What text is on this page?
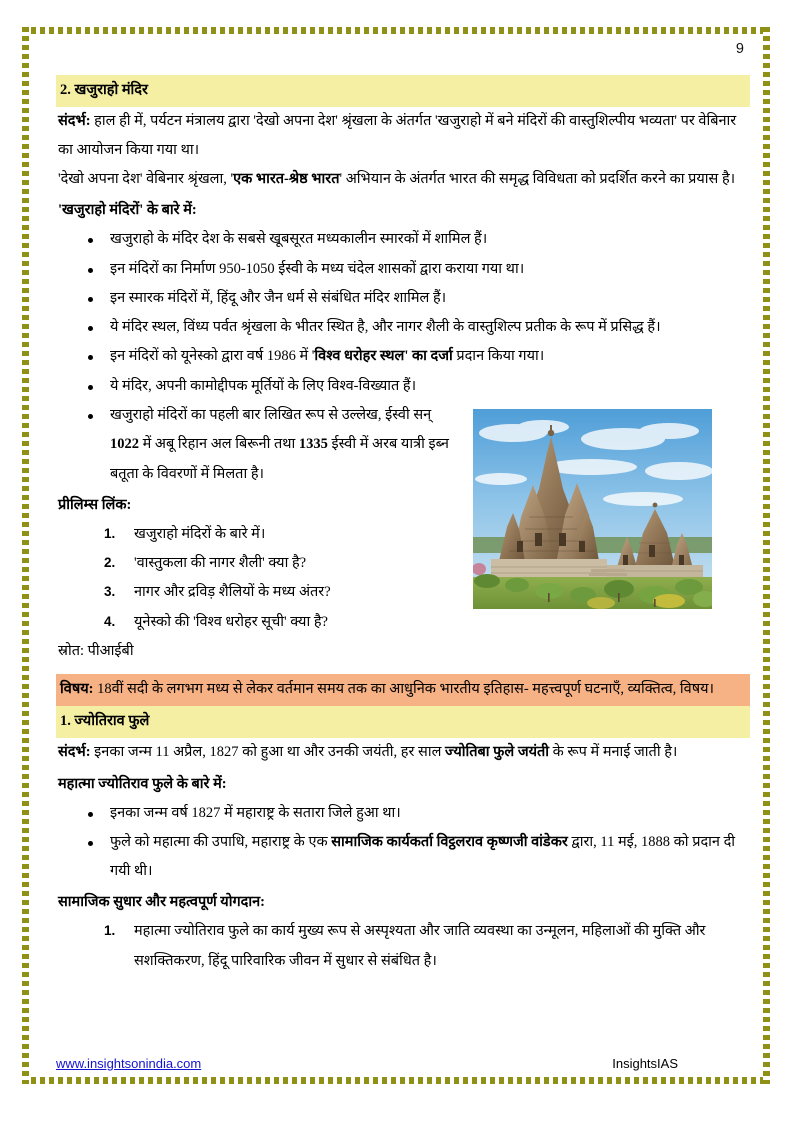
9
2. खजुराहो मंदिर

संदर्भ: हाल ही में, पर्यटन मंत्रालय द्वारा 'देखो अपना देश' श्रृंखला के अंतर्गत 'खजुराहो में बने मंदिरों की वास्तुशिल्पीय भव्यता' पर वेबिनार का आयोजन किया गया था।

'देखो अपना देश' वेबिनार श्रृंखला, 'एक भारत-श्रेष्ठ भारत' अभियान के अंतर्गत भारत की समृद्ध विविधता को प्रदर्शित करने का प्रयास है।

'खजुराहो मंदिरों' के बारे में:
खजुराहो के मंदिर देश के सबसे खूबसूरत मध्यकालीन स्मारकों में शामिल हैं।
इन मंदिरों का निर्माण 950-1050 ईस्वी के मध्य चंदेल शासकों द्वारा कराया गया था।
इन स्मारक मंदिरों में, हिंदू और जैन धर्म से संबंधित मंदिर शामिल हैं।
ये मंदिर स्थल, विंध्य पर्वत श्रृंखला के भीतर स्थित है, और नागर शैली के वास्तुशिल्प प्रतीक के रूप में प्रसिद्ध हैं।
इन मंदिरों को यूनेस्को द्वारा वर्ष 1986 में 'विश्व धरोहर स्थल' का दर्जा प्रदान किया गया।
ये मंदिर, अपनी कामोद्दीपक मूर्तियों के लिए विश्व-विख्यात हैं।
खजुराहो मंदिरों का पहली बार लिखित रूप से उल्लेख, ईस्वी सन् 1022 में अबू रिहान अल बिरूनी तथा 1335 ईस्वी में अरब यात्री इब्न बतूता के विवरणों में मिलता है।
प्रीलिम्स लिंक:
खजुराहो मंदिरों के बारे में।
'वास्तुकला की नागर शैली' क्या है?
नागर और द्रविड़ शैलियों के मध्य अंतर?
यूनेस्को की 'विश्व धरोहर सूची' क्या है?

स्रोत: पीआईबी

विषय: 18वीं सदी के लगभग मध्य से लेकर वर्तमान समय तक का आधुनिक भारतीय इतिहास- महत्त्वपूर्ण घटनाएँ, व्यक्तित्व, विषय।
1. ज्योतिराव फुले

संदर्भ: इनका जन्म 11 अप्रैल, 1827 को हुआ था और उनकी जयंती, हर साल ज्योतिबा फुले जयंती के रूप में मनाई जाती है।

महात्मा ज्योतिराव फुले के बारे में:
इनका जन्म वर्ष 1827 में महाराष्ट्र के सतारा जिले हुआ था।
फुले को महात्मा की उपाधि, महाराष्ट्र के एक सामाजिक कार्यकर्ता विट्ठलराव कृष्णजी वांडेकर द्वारा, 11 मई, 1888 को प्रदान दी गयी थी।
सामाजिक सुधार और महत्वपूर्ण योगदान:
महात्मा ज्योतिराव फुले का कार्य मुख्य रूप से अस्पृश्यता और जाति व्यवस्था का उन्मूलन, महिलाओं की मुक्ति और सशक्तिकरण, हिंदू पारिवारिक जीवन में सुधार से संबंधित है।
www.insightsonindia.com	InsightsIAS
